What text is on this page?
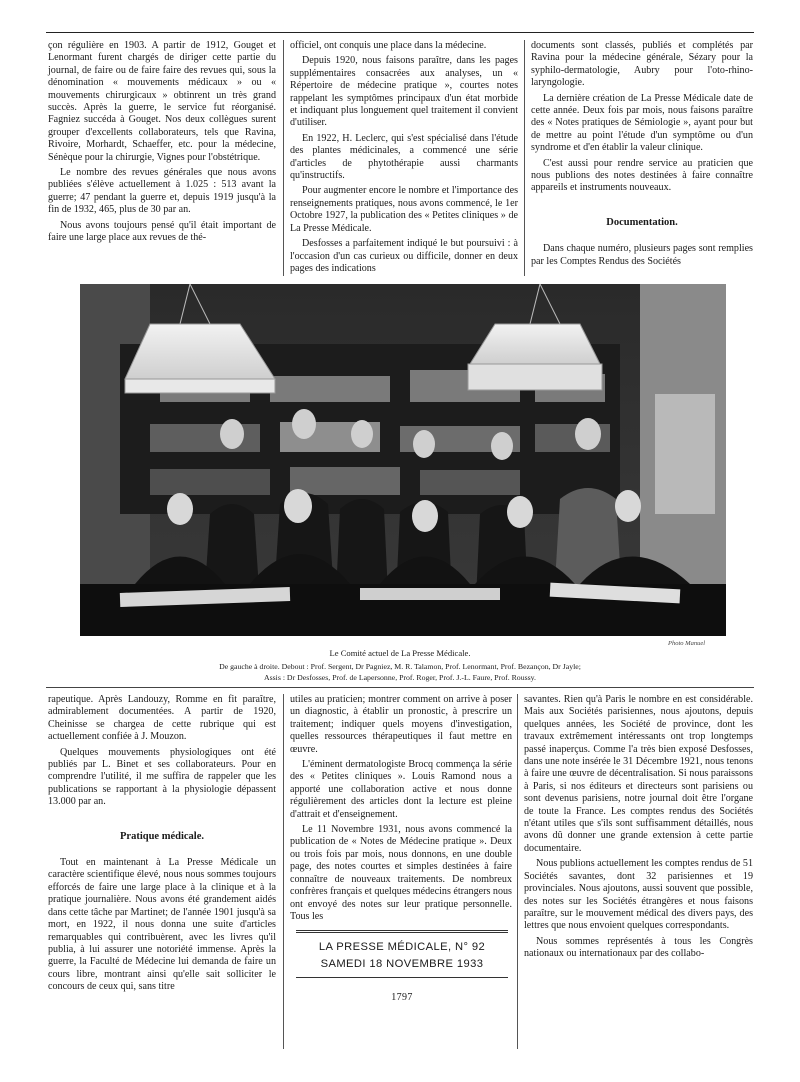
çon régulière en 1903. A partir de 1912, Gouget et Lenormant furent chargés de diriger cette partie du journal, de faire ou de faire faire des revues qui, sous la dénomination « mouvements médicaux » ou « mouvements chirurgicaux » obtinrent un très grand succès. Après la guerre, le service fut réorganisé. Fagniez succéda à Gouget. Nos deux collègues surent grouper d'excellents collaborateurs, tels que Ravina, Rivoire, Morhardt, Schaeffer, etc. pour la médecine, Sénèque pour la chirurgie, Vignes pour l'obstétrique.

Le nombre des revues générales que nous avons publiées s'élève actuellement à 1.025 : 513 avant la guerre; 47 pendant la guerre et, depuis 1919 jusqu'à la fin de 1932, 465, plus de 30 par an.

Nous avons toujours pensé qu'il était important de faire une large place aux revues de thé-

officiel, ont conquis une place dans la médecine.

Depuis 1920, nous faisons paraître, dans les pages supplémentaires consacrées aux analyses, un « Répertoire de médecine pratique », courtes notes rappelant les symptômes principaux d'un état morbide et indiquant plus longuement quel traitement il convient d'utiliser.

En 1922, H. Leclerc, qui s'est spécialisé dans l'étude des plantes médicinales, a commencé une série d'articles de phytothérapie aussi charmants qu'instructifs.

Pour augmenter encore le nombre et l'importance des renseignements pratiques, nous avons commencé, le 1er Octobre 1927, la publication des « Petites cliniques » de La Presse Médicale.

Desfosses a parfaitement indiqué le but poursuivi : à l'occasion d'un cas curieux ou difficile, donner en deux pages des indications

documents sont classés, publiés et complétés par Ravina pour la médecine générale, Sézary pour la syphilo-dermatologie, Aubry pour l'oto-rhino-laryngologie.

La dernière création de La Presse Médicale date de cette année. Deux fois par mois, nous faisons paraître des « Notes pratiques de Sémiologie », ayant pour but de mettre au point l'étude d'un symptôme ou d'un syndrome et d'en établir la valeur clinique.

C'est aussi pour rendre service au praticien que nous publions des notes destinées à faire connaître appareils et instruments nouveaux.

Documentation.

Dans chaque numéro, plusieurs pages sont remplies par les Comptes Rendus des Sociétés

Photo Manuel
Le Comité actuel de La Presse Médicale.
De gauche à droite. Debout : Prof. Sergent, Dr Pagniez, M. R. Talamon, Prof. Lenormant, Prof. Bezançon, Dr Jayle;
Assis : Dr Desfosses, Prof. de Lapersonne, Prof. Roger, Prof. J.-L. Faure, Prof. Roussy.

rapeutique. Après Landouzy, Romme en fit paraître, admirablement documentées. A partir de 1920, Cheinisse se chargea de cette rubrique qui est actuellement confiée à J. Mouzon.

Quelques mouvements physiologiques ont été publiés par L. Binet et ses collaborateurs. Pour en comprendre l'utilité, il me suffira de rappeler que les publications se rapportant à la physiologie dépassent 13.000 par an.

Pratique médicale.

Tout en maintenant à La Presse Médicale un caractère scientifique élevé, nous nous sommes toujours efforcés de faire une large place à la clinique et à la pratique journalière. Nous avons été grandement aidés dans cette tâche par Martinet; de l'année 1901 jusqu'à sa mort, en 1922, il nous donna une suite d'articles remarquables qui contribuèrent, avec les livres qu'il publia, à lui assurer une notoriété immense. Après la guerre, la Faculté de Médecine lui demanda de faire un cours libre, montrant ainsi qu'elle sait solliciter le concours de ceux qui, sans titre

utiles au praticien; montrer comment on arrive à poser un diagnostic, à établir un pronostic, à prescrire un traitement; indiquer quels moyens d'investigation, quelles ressources thérapeutiques il faut mettre en œuvre.

L'éminent dermatologiste Brocq commença la série des « Petites cliniques ». Louis Ramond nous a apporté une collaboration active et nous donne régulièrement des articles dont la lecture est pleine d'attrait et d'enseignement.

Le 11 Novembre 1931, nous avons commencé la publication de « Notes de Médecine pratique ». Deux ou trois fois par mois, nous donnons, en une double page, des notes courtes et simples destinées à faire connaître de nouveaux traitements. De nombreux confrères français et quelques médecins étrangers nous ont envoyé des notes sur leur pratique personnelle. Tous les

savantes. Rien qu'à Paris le nombre en est considérable. Mais aux Sociétés parisiennes, nous ajoutons, depuis quelques années, les Société de province, dont les travaux extrêmement intéressants ont trop longtemps passé inaperçus. Comme l'a très bien exposé Desfosses, dans une note insérée le 31 Décembre 1921, nous tenons à faire une œuvre de décentralisation. Si nous paraissons à Paris, si nos éditeurs et directeurs sont parisiens ou sont devenus parisiens, notre journal doit être l'organe de toute la France. Les comptes rendus des Sociétés n'étant utiles que s'ils sont suffisamment détaillés, nous avons dû donner une grande extension à cette partie documentaire.

Nous publions actuellement les comptes rendus de 51 Sociétés savantes, dont 32 parisiennes et 19 provinciales. Nous ajoutons, aussi souvent que possible, des notes sur les Sociétés étrangères et nous faisons paraître, sur le mouvement médical des divers pays, des lettres que nous envoient quelques correspondants.

Nous sommes représentés à tous les Congrès nationaux ou internationaux par des collabo-

LA PRESSE MÉDICALE, N° 92
SAMEDI 18 NOVEMBRE 1933
1797
